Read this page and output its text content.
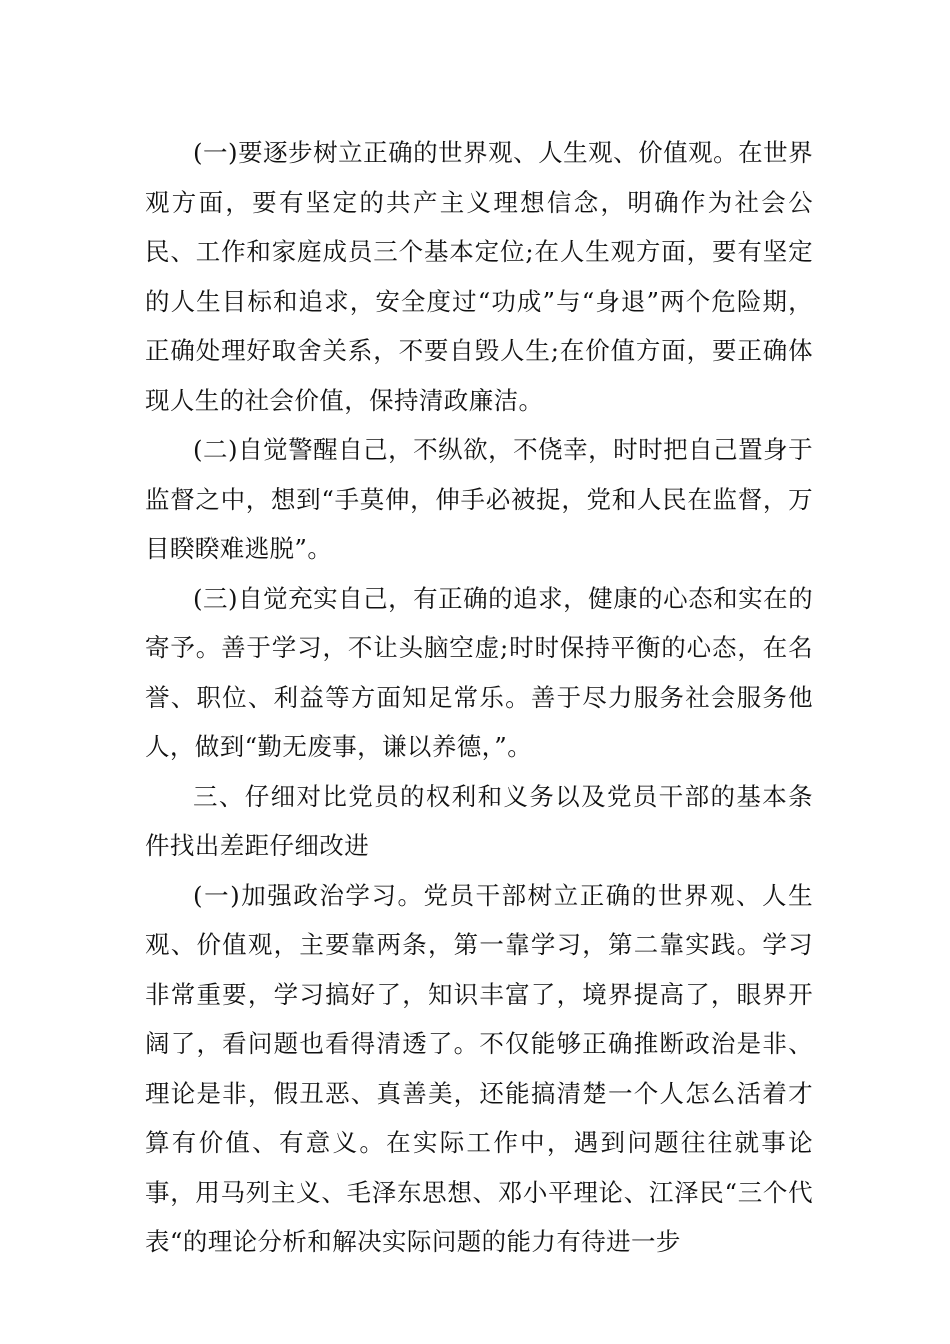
(一)要逐步树立正确的世界观、人生观、价值观。在世界观方面，要有坚定的共产主义理想信念，明确作为社会公民、工作和家庭成员三个基本定位;在人生观方面，要有坚定的人生目标和追求，安全度过“功成”与“身退”两个危险期，正确处理好取舍关系，不要自毁人生;在价值方面，要正确体现人生的社会价值，保持清政廉洁。

(二)自觉警醒自己，不纵欲，不侥幸，时时把自己置身于监督之中，想到“手莫伸，伸手必被捉，党和人民在监督，万目睽睽难逃脱”。

(三)自觉充实自己，有正确的追求，健康的心态和实在的寄予。善于学习，不让头脑空虚;时时保持平衡的心态，在名誉、职位、利益等方面知足常乐。善于尽力服务社会服务他人，做到“勤无废事，谦以养德，”。

三、仔细对比党员的权利和义务以及党员干部的基本条件找出差距仔细改进

(一)加强政治学习。党员干部树立正确的世界观、人生观、价值观，主要靠两条，第一靠学习，第二靠实践。学习非常重要，学习搞好了，知识丰富了，境界提高了，眼界开阔了，看问题也看得清透了。不仅能够正确推断政治是非、理论是非，假丑恶、真善美，还能搞清楚一个人怎么活着才算有价值、有意义。在实际工作中，遇到问题往往就事论事，用马列主义、毛泽东思想、邓小平理论、江泽民“三个代表“的理论分析和解决实际问题的能力有待进一步
